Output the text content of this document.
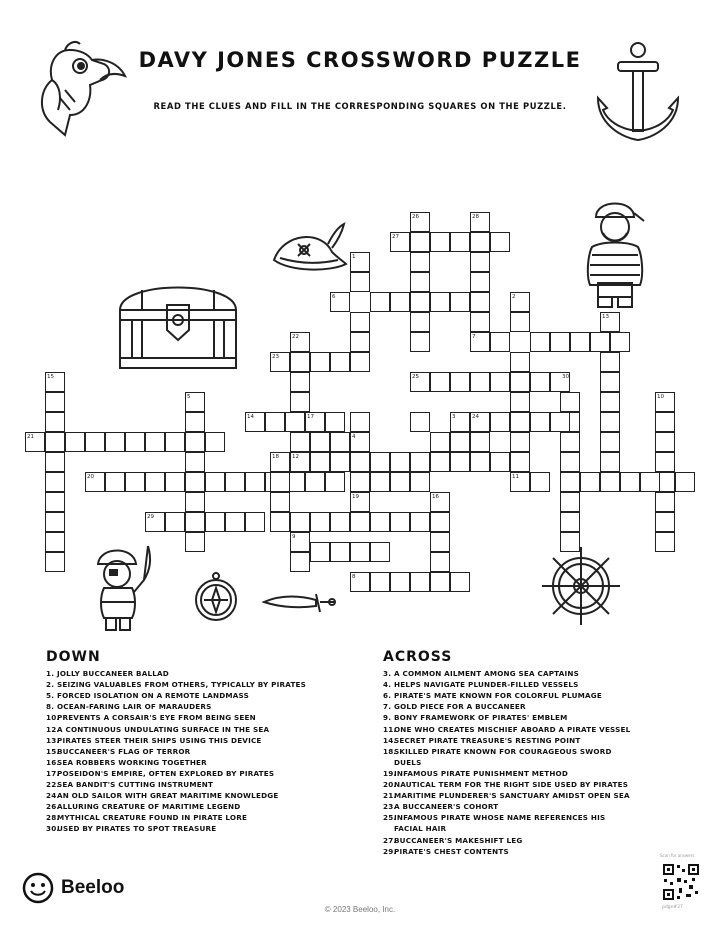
DAVY JONES CROSSWORD PUZZLE
READ THE CLUES AND FILL IN THE CORRESPONDING SQUARES ON THE PUZZLE.
26	28
27
1
6	2
13
7
22
23
15	25	30
5	10
14	17	3	24
21	4
18 12
20	11
19	16
29
9
8
DOWN
1. JOLLY BUCCANEER BALLAD
2. SEIZING VALUABLES FROM OTHERS, TYPICALLY BY PIRATES
5. FORCED ISOLATION ON A REMOTE LANDMASS
8. OCEAN-FARING LAIR OF MARAUDERS
10.
PREVENTS A CORSAIR'S EYE FROM BEING SEEN
12.
A CONTINUOUS UNDULATING SURFACE IN THE SEA
13.
PIRATES STEER THEIR SHIPS USING THIS DEVICE
15.
BUCCANEER'S FLAG OF TERROR
16.
SEA ROBBERS WORKING TOGETHER
17.
POSEIDON'S EMPIRE, OFTEN EXPLORED BY PIRATES
22.
SEA BANDIT'S CUTTING INSTRUMENT
24.
AN OLD SAILOR WITH GREAT MARITIME KNOWLEDGE
26.
ALLURING CREATURE OF MARITIME LEGEND
28.
MYTHICAL CREATURE FOUND IN PIRATE LORE
30.
USED BY PIRATES TO SPOT TREASURE
ACROSS
3. A COMMON AILMENT AMONG SEA CAPTAINS
4. HELPS NAVIGATE PLUNDER-FILLED VESSELS
6. PIRATE'S MATE KNOWN FOR COLORFUL PLUMAGE
7. GOLD PIECE FOR A BUCCANEER
9. BONY FRAMEWORK OF PIRATES' EMBLEM
11.
ONE WHO CREATES MISCHIEF ABOARD A PIRATE VESSEL
14.
SECRET PIRATE TREASURE'S RESTING POINT
18.
SKILLED PIRATE KNOWN FOR COURAGEOUS SWORD DUELS
19.
INFAMOUS PIRATE PUNISHMENT METHOD
20.
NAUTICAL TERM FOR THE RIGHT SIDE USED BY PIRATES
21.
MARITIME PLUNDERER'S SANCTUARY AMIDST OPEN SEA
23.
A BUCCANEER'S COHORT
25.
INFAMOUS PIRATE WHOSE NAME REFERENCES HIS FACIAL HAIR
27.
BUCCANEER'S MAKESHIFT LEG
29.
PIRATE'S CHEST CONTENTS
Beeloo
© 2023 Beeloo, Inc.
Scan for answers
pdgn#27
